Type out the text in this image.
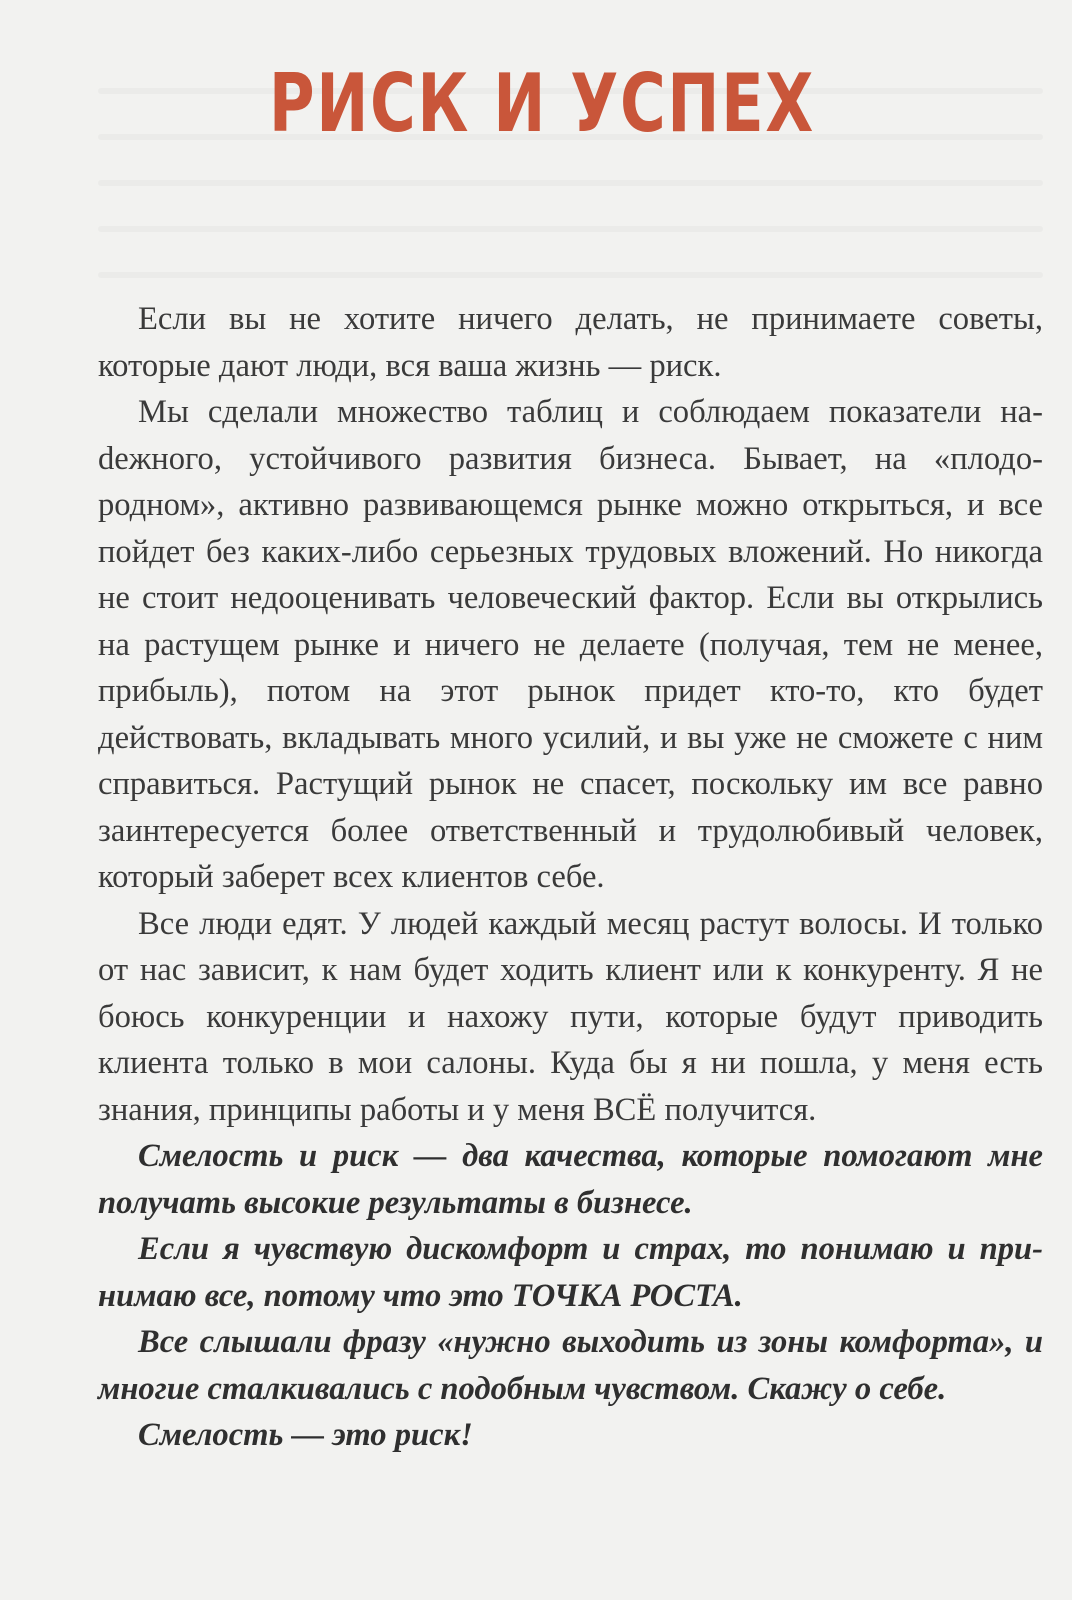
РИСК И УСПЕХ

Если вы не хотите ничего делать, не принимаете советы, которые дают люди, вся ваша жизнь — риск.

Мы сделали множество таблиц и соблюдаем показатели наdежного, устойчивого развития бизнеса. Бывает, на «плодородном», активно развивающемся рынке можно открыться, и все пойдет без каких-либо серьезных трудовых вложений. Но никогда не стоит недооценивать человеческий фактор. Если вы открылись на растущем рынке и ничего не делаете (получая, тем не менее, прибыль), потом на этот рынок придет кто-то, кто будет действовать, вкладывать много усилий, и вы уже не сможете с ним справиться. Растущий рынок не спасет, поскольку им все равно заинтересуется более ответственный и трудолюбивый человек, который заберет всех клиентов себе.

Все люди едят. У людей каждый месяц растут волосы. И только от нас зависит, к нам будет ходить клиент или к конкуренту. Я не боюсь конкуренции и нахожу пути, которые будут приводить клиента только в мои салоны. Куда бы я ни пошла, у меня есть знания, принципы работы и у меня ВСЁ получится.

Смелость и риск — два качества, которые помогают мне получать высокие результаты в бизнесе.

Если я чувствую дискомфорт и страх, то понимаю и принимаю все, потому что это ТОЧКА РОСТА.

Все слышали фразу «нужно выходить из зоны комфорта», и многие сталкивались с подобным чувством. Скажу о себе.

Смелость — это риск!
